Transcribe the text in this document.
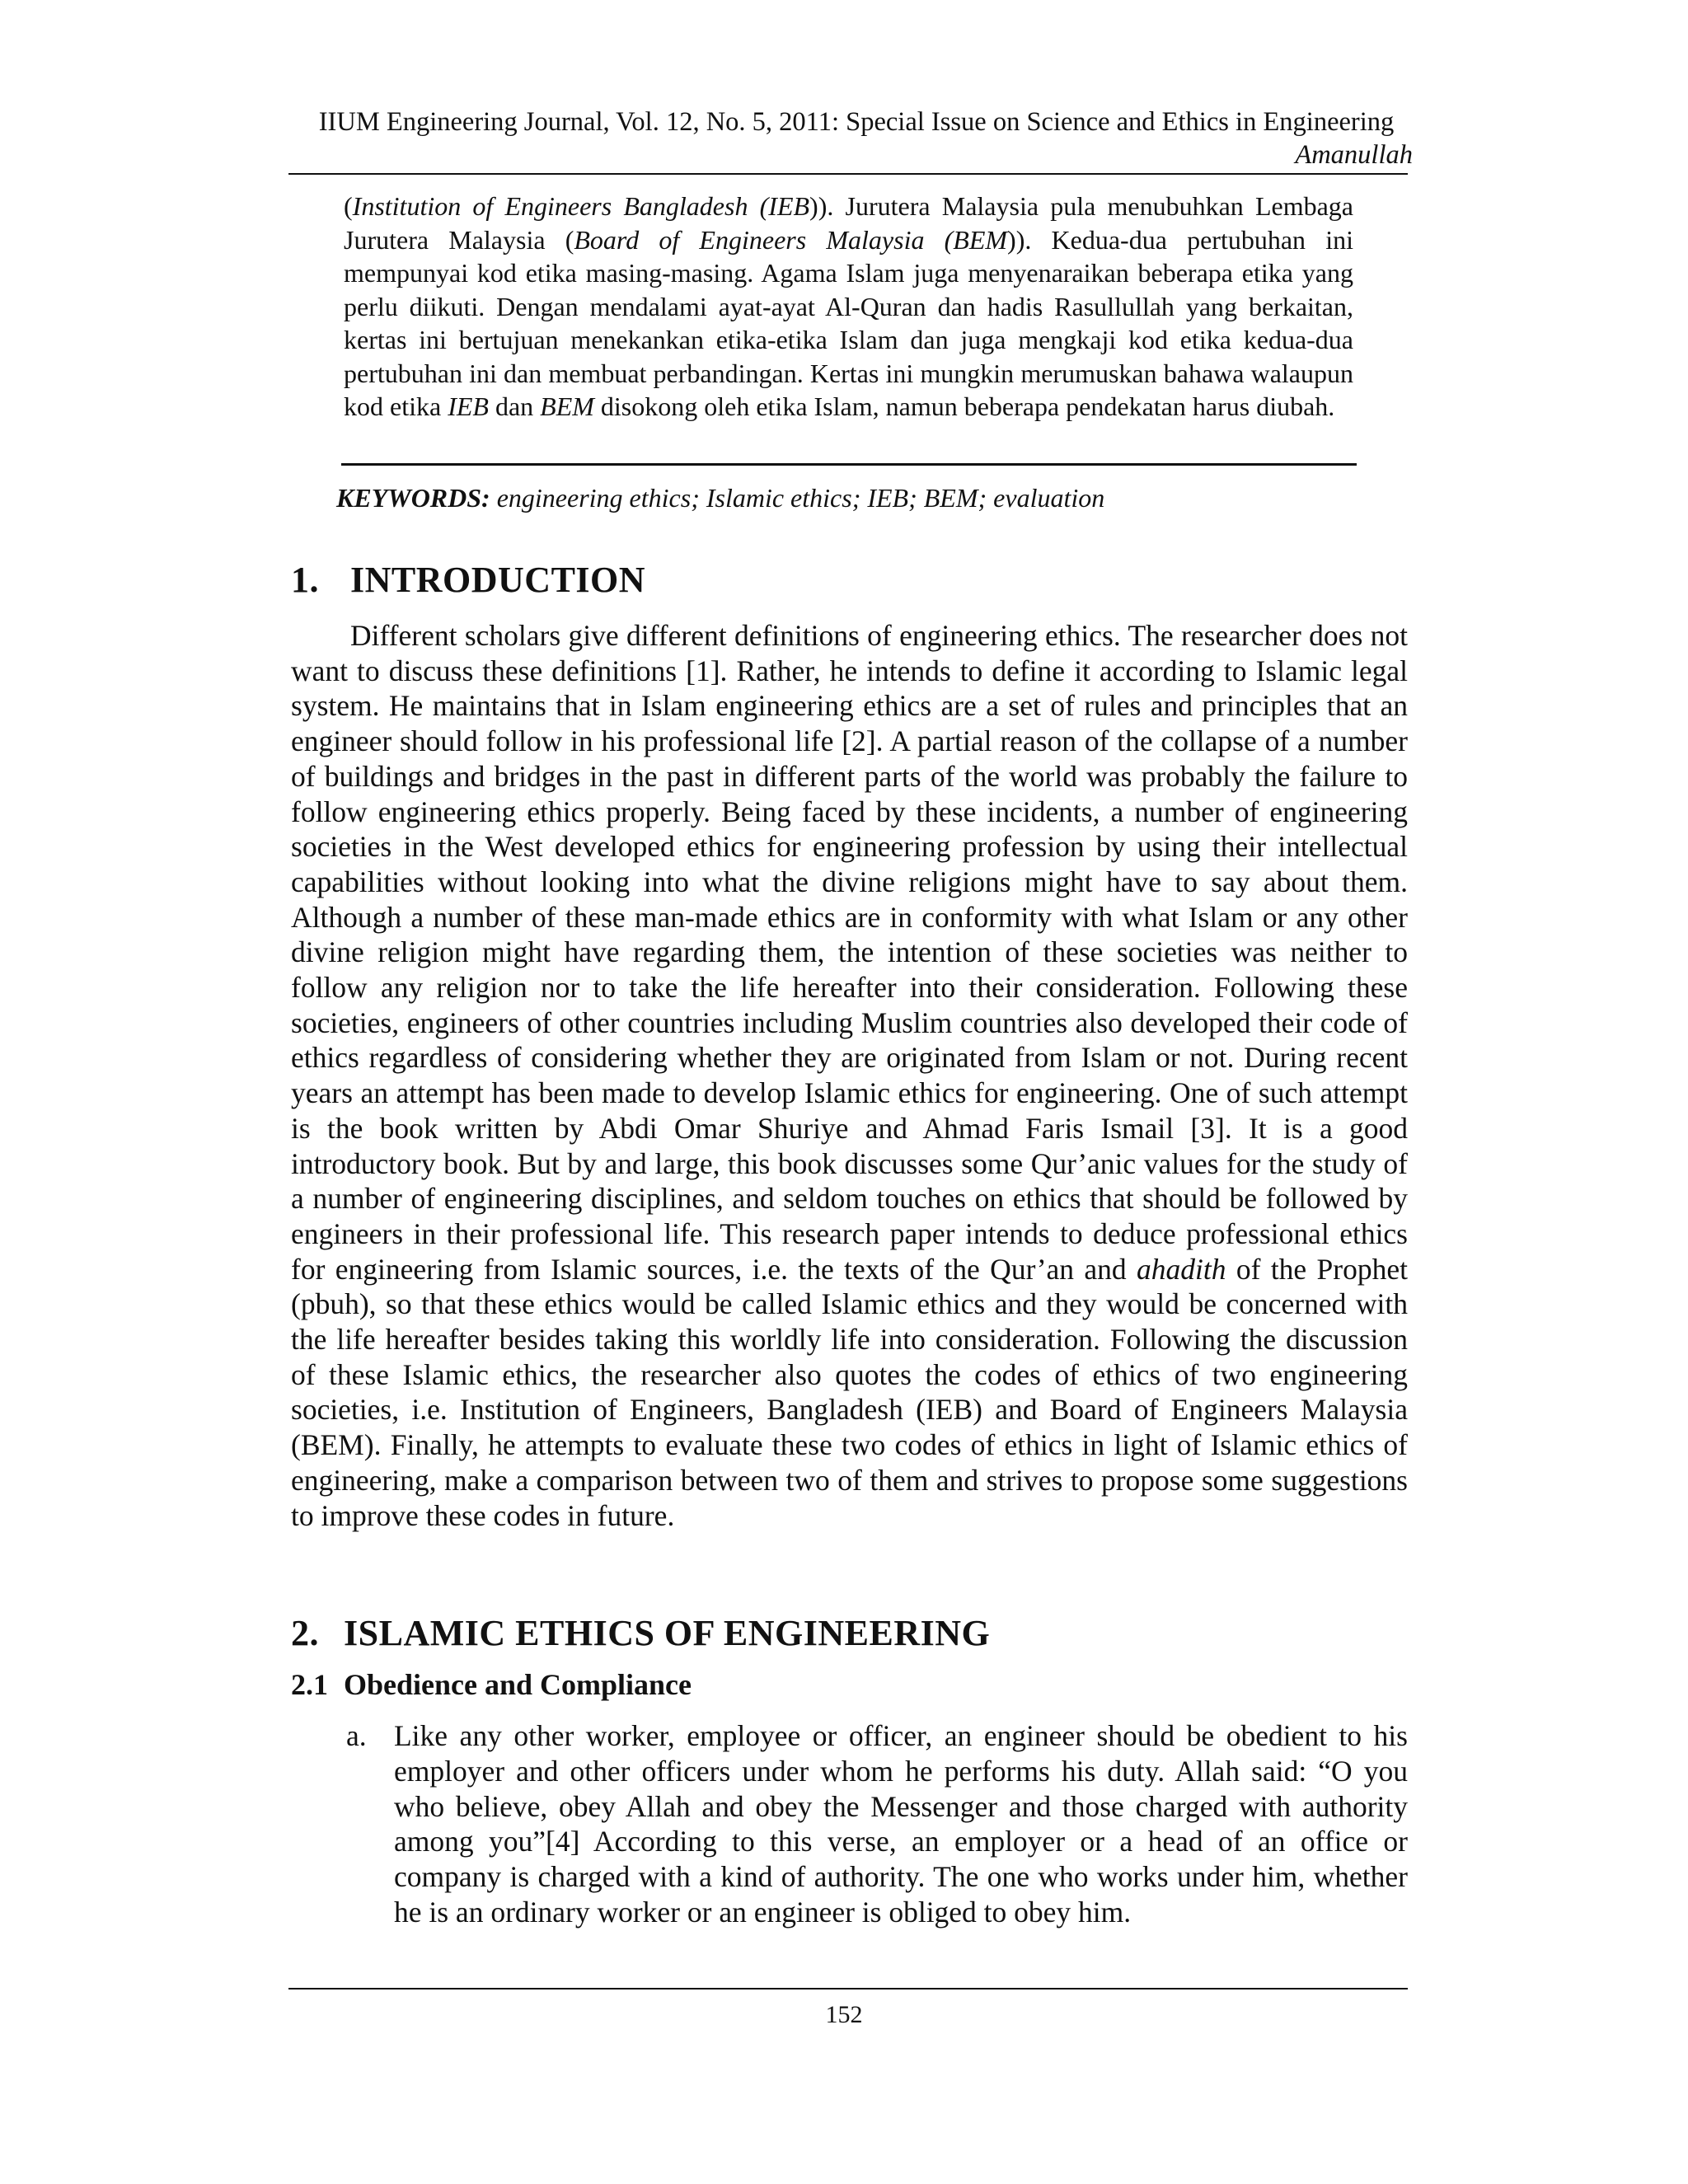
IIUM Engineering Journal, Vol. 12, No. 5, 2011: Special Issue on Science and Ethics in Engineering
Amanullah
(Institution of Engineers Bangladesh (IEB)). Jurutera Malaysia pula menubuhkan Lembaga Jurutera Malaysia (Board of Engineers Malaysia (BEM)). Kedua-dua pertubuhan ini mempunyai kod etika masing-masing. Agama Islam juga menyenaraikan beberapa etika yang perlu diikuti. Dengan mendalami ayat-ayat Al-Quran dan hadis Rasullullah yang berkaitan, kertas ini bertujuan menekankan etika-etika Islam dan juga mengkaji kod etika kedua-dua pertubuhan ini dan membuat perbandingan. Kertas ini mungkin merumuskan bahawa walaupun kod etika IEB dan BEM disokong oleh etika Islam, namun beberapa pendekatan harus diubah.
KEYWORDS: engineering ethics; Islamic ethics; IEB; BEM; evaluation
1. INTRODUCTION

Different scholars give different definitions of engineering ethics. The researcher does not want to discuss these definitions [1]. Rather, he intends to define it according to Islamic legal system. He maintains that in Islam engineering ethics are a set of rules and principles that an engineer should follow in his professional life [2]. A partial reason of the collapse of a number of buildings and bridges in the past in different parts of the world was probably the failure to follow engineering ethics properly. Being faced by these incidents, a number of engineering societies in the West developed ethics for engineering profession by using their intellectual capabilities without looking into what the divine religions might have to say about them. Although a number of these man-made ethics are in conformity with what Islam or any other divine religion might have regarding them, the intention of these societies was neither to follow any religion nor to take the life hereafter into their consideration. Following these societies, engineers of other countries including Muslim countries also developed their code of ethics regardless of considering whether they are originated from Islam or not. During recent years an attempt has been made to develop Islamic ethics for engineering. One of such attempt is the book written by Abdi Omar Shuriye and Ahmad Faris Ismail [3]. It is a good introductory book. But by and large, this book discusses some Qur’anic values for the study of a number of engineering disciplines, and seldom touches on ethics that should be followed by engineers in their professional life. This research paper intends to deduce professional ethics for engineering from Islamic sources, i.e. the texts of the Qur’an and ahadith of the Prophet (pbuh), so that these ethics would be called Islamic ethics and they would be concerned with the life hereafter besides taking this worldly life into consideration. Following the discussion of these Islamic ethics, the researcher also quotes the codes of ethics of two engineering societies, i.e. Institution of Engineers, Bangladesh (IEB) and Board of Engineers Malaysia (BEM). Finally, he attempts to evaluate these two codes of ethics in light of Islamic ethics of engineering, make a comparison between two of them and strives to propose some suggestions to improve these codes in future.

2. ISLAMIC ETHICS OF ENGINEERING
2.1 Obedience and Compliance
a. Like any other worker, employee or officer, an engineer should be obedient to his employer and other officers under whom he performs his duty. Allah said: “O you who believe, obey Allah and obey the Messenger and those charged with authority among you”[4] According to this verse, an employer or a head of an office or company is charged with a kind of authority. The one who works under him, whether he is an ordinary worker or an engineer is obliged to obey him.
152
